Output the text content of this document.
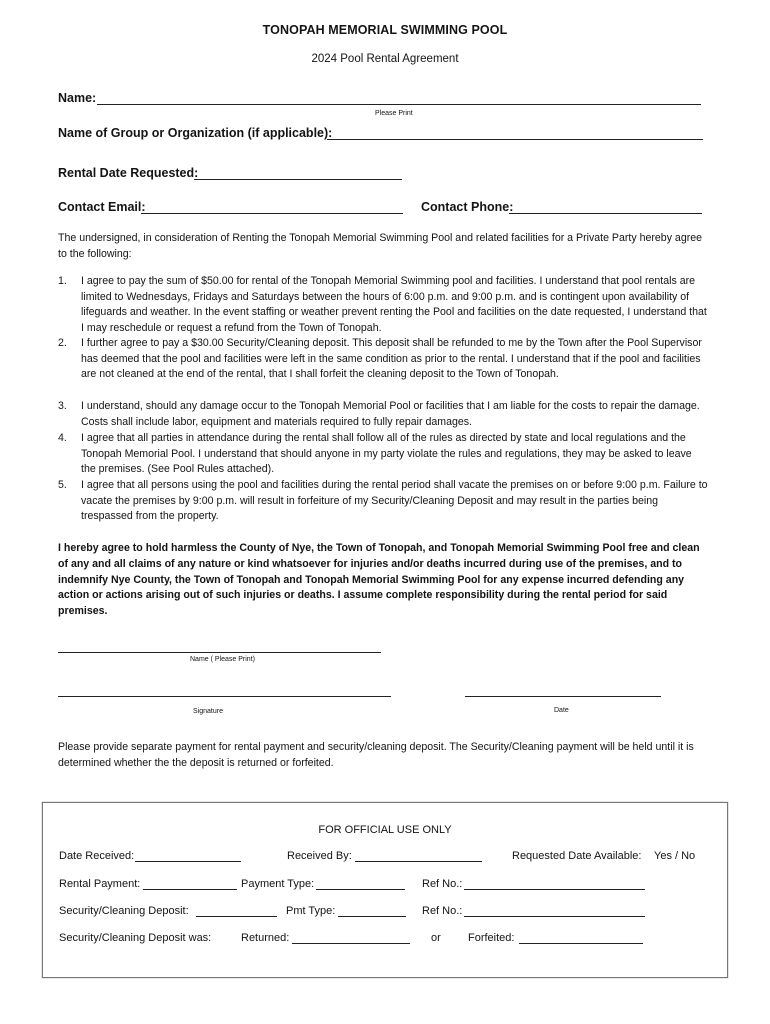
TONOPAH MEMORIAL SWIMMING POOL
2024 Pool Rental Agreement
Name:
Please Print
Name of Group or Organization (if applicable):
Rental Date Requested:
Contact Email:	Contact Phone:
The undersigned, in consideration of Renting the Tonopah Memorial Swimming Pool and related facilities for a Private Party hereby agree to the following:
1. I agree to pay the sum of $50.00 for rental of the Tonopah Memorial Swimming pool and facilities. I understand that pool rentals are limited to Wednesdays, Fridays and Saturdays between the hours of 6:00 p.m. and 9:00 p.m. and is contingent upon availability of lifeguards and weather. In the event staffing or weather prevent renting the Pool and facilities on the date requested, I understand that I may reschedule or request a refund from the Town of Tonopah.
2. I further agree to pay a $30.00 Security/Cleaning deposit. This deposit shall be refunded to me by the Town after the Pool Supervisor has deemed that the pool and facilities were left in the same condition as prior to the rental. I understand that if the pool and facilities are not cleaned at the end of the rental, that I shall forfeit the cleaning deposit to the Town of Tonopah.
3. I understand, should any damage occur to the Tonopah Memorial Pool or facilities that I am liable for the costs to repair the damage. Costs shall include labor, equipment and materials required to fully repair damages.
4. I agree that all parties in attendance during the rental shall follow all of the rules as directed by state and local regulations and the Tonopah Memorial Pool. I understand that should anyone in my party violate the rules and regulations, they may be asked to leave the premises. (See Pool Rules attached).
5. I agree that all persons using the pool and facilities during the rental period shall vacate the premises on or before 9:00 p.m. Failure to vacate the premises by 9:00 p.m. will result in forfeiture of my Security/Cleaning Deposit and may result in the parties being trespassed from the property.
I hereby agree to hold harmless the County of Nye, the Town of Tonopah, and Tonopah Memorial Swimming Pool free and clean of any and all claims of any nature or kind whatsoever for injuries and/or deaths incurred during use of the premises, and to indemnify Nye County, the Town of Tonopah and Tonopah Memorial Swimming Pool for any expense incurred defending any action or actions arising out of such injuries or deaths. I assume complete responsibility during the rental period for said premises.
Name ( Please Print)
Signature	Date
Please provide separate payment for rental payment and security/cleaning deposit. The Security/Cleaning payment will be held until it is determined whether the the deposit is returned or forfeited.
FOR OFFICIAL USE ONLY
Date Received:	Received By:	Requested Date Available: Yes / No
Rental Payment:	Payment Type:	Ref No.:
Security/Cleaning Deposit:	Pmt Type:	Ref No.:
Security/Cleaning Deposit was:	Returned:	or Forfeited:
